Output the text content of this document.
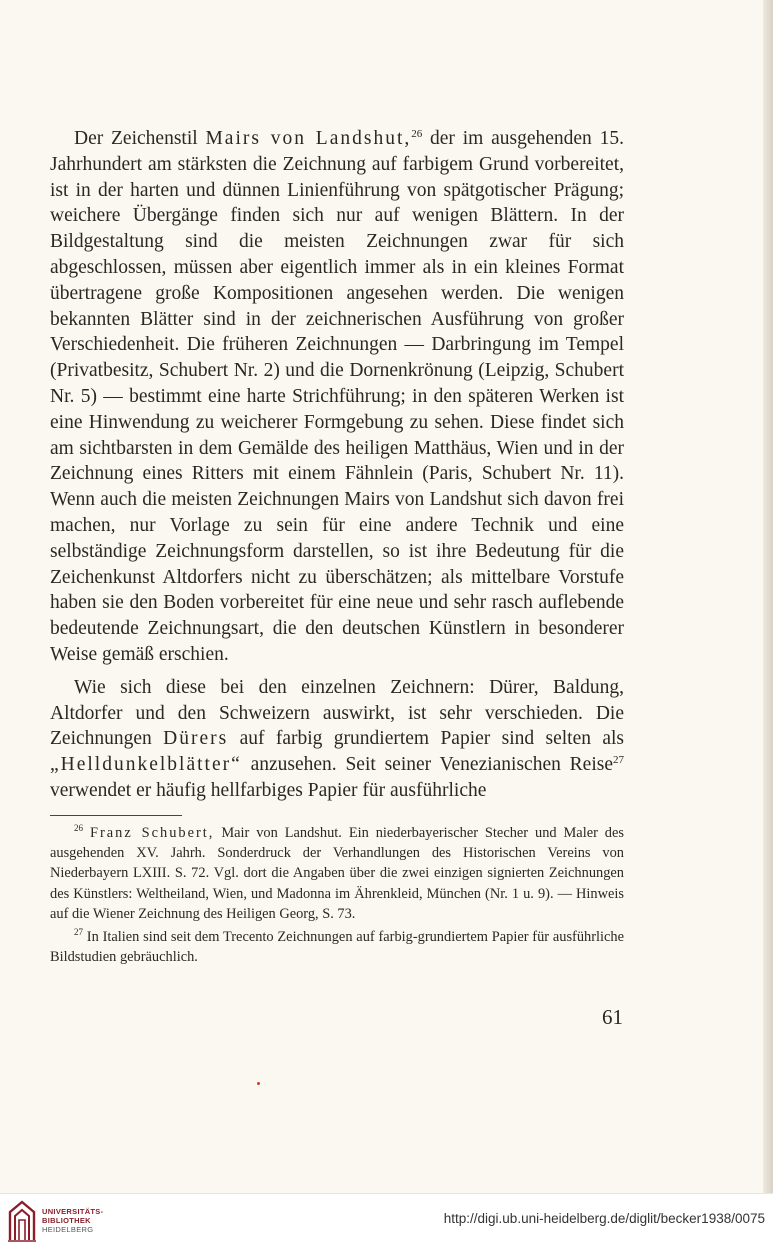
Der Zeichenstil Mairs von Landshut,$^{26}$ der im ausgehenden 15. Jahrhundert am stärksten die Zeichnung auf farbigem Grund vorbereitet, ist in der harten und dünnen Linienführung von spätgotischer Prägung; weichere Übergänge finden sich nur auf wenigen Blättern. In der Bildgestaltung sind die meisten Zeichnungen zwar für sich abgeschlossen, müssen aber eigentlich immer als in ein kleines Format übertragene große Kompositionen angesehen werden. Die wenigen bekannten Blätter sind in der zeichnerischen Ausführung von großer Verschiedenheit. Die früheren Zeichnungen — Darbringung im Tempel (Privatbesitz, Schubert Nr. 2) und die Dornenkrönung (Leipzig, Schubert Nr. 5) — bestimmt eine harte Strichführung; in den späteren Werken ist eine Hinwendung zu weicherer Formgebung zu sehen. Diese findet sich am sichtbarsten in dem Gemälde des heiligen Matthäus, Wien und in der Zeichnung eines Ritters mit einem Fähnlein (Paris, Schubert Nr. 11). Wenn auch die meisten Zeichnungen Mairs von Landshut sich davon frei machen, nur Vorlage zu sein für eine andere Technik und eine selbständige Zeichnungsform darstellen, so ist ihre Bedeutung für die Zeichenkunst Altdorfers nicht zu überschätzen; als mittelbare Vorstufe haben sie den Boden vorbereitet für eine neue und sehr rasch auflebende bedeutende Zeichnungsart, die den deutschen Künstlern in besonderer Weise gemäß erschien.

Wie sich diese bei den einzelnen Zeichnern: Dürer, Baldung, Altdorfer und den Schweizern auswirkt, ist sehr verschieden. Die Zeichnungen Dürers auf farbig grundiertem Papier sind selten als „Helldunkelblätter“ anzusehen. Seit seiner Venezianischen Reise$^{27}$ verwendet er häufig hellfarbiges Papier für ausführliche

$^{26}$ Franz Schubert, Mair von Landshut. Ein niederbayerischer Stecher und Maler des ausgehenden XV. Jahrh. Sonderdruck der Verhandlungen des Historischen Vereins von Niederbayern LXIII. S. 72. Vgl. dort die Angaben über die zwei einzigen signierten Zeichnungen des Künstlers: Weltheiland, Wien, und Madonna im Ährenkleid, München (Nr. 1 u. 9). — Hinweis auf die Wiener Zeichnung des Heiligen Georg, S. 73.

$^{27}$ In Italien sind seit dem Trecento Zeichnungen auf farbig-grundiertem Papier für ausführliche Bildstudien gebräuchlich.

61
UNIVERSITÄTS-
BIBLIOTHEK
HEIDELBERG
http://digi.ub.uni-heidelberg.de/diglit/becker1938/0075
